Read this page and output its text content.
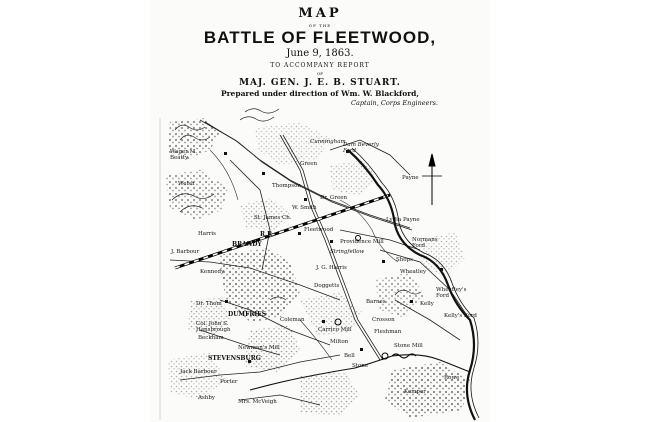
MAP
OF THE
BATTLE OF FLEETWOOD,
June 9, 1863.
TO ACCOMPANY REPORT
OF
MAJ. GEN. J. E. B. STUART.
Prepared under direction of Wm. W. Blackford,
Captain, Corps Engineers.
Cunningham
Dam Beverly Ford
Wager M. Beatty
Thompson
Green
Welsh
W. Smith
St. James Ch.
Dr. Green
Payne
Lydia Payne
Providence Mill	Normans Ford
Harris
BRANDY
Fleetwood
Stringfellow
J. Barbour
Kennedy
J. G. Harris
Shops
Wheatley
STEVENSBURG
Doggetts
Barnes
Wheatley's Ford
Kelly
Kelly's Ford
Dr. Thom
DUMFRIES
Col. John S. Hansbrough
Beckham
Newman's Mill
Jack Barbour
Porter
Coleman
Carrico Mill
Milton
Ashby
Mrs. McVeigh
Stone
Bell
Stone Mill
Crosson
Fleshman
Rowe
Kemper
R.R.
